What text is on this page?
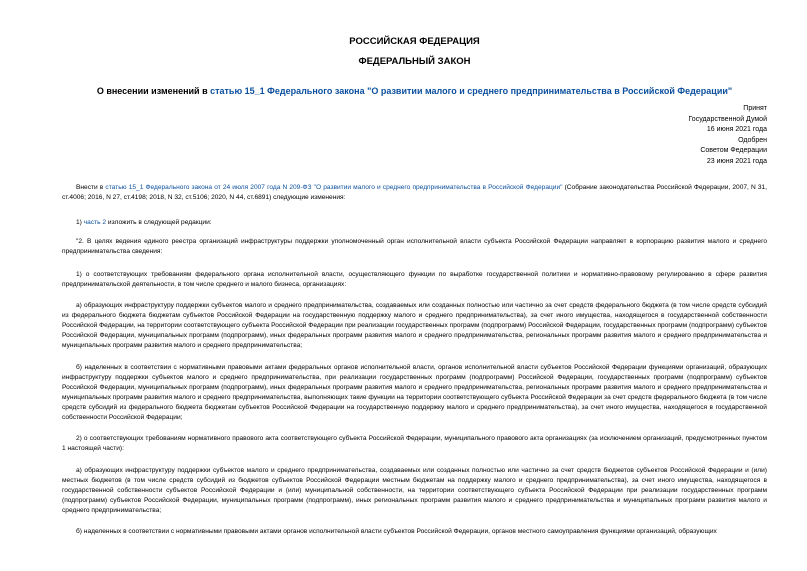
РОССИЙСКАЯ ФЕДЕРАЦИЯ
ФЕДЕРАЛЬНЫЙ ЗАКОН
О внесении изменений в статью 15_1 Федерального закона "О развитии малого и среднего предпринимательства в Российской Федерации"
Принят
Государственной Думой
16 июня 2021 года
Одобрен
Советом Федерации
23 июня 2021 года

Внести в статью 15_1 Федерального закона от 24 июля 2007 года N 209-ФЗ "О развитии малого и среднего предпринимательства в Российской Федерации" (Собрание законодательства Российской Федерации, 2007, N 31, ст.4006; 2016, N 27, ст.4198; 2018, N 32, ст.5106; 2020, N 44, ст.6891) следующие изменения:

1) часть 2 изложить в следующей редакции:

"2. В целях ведения единого реестра организаций инфраструктуры поддержки уполномоченный орган исполнительной власти субъекта Российской Федерации направляет в корпорацию развития малого и среднего предпринимательства сведения:

1) о соответствующих требованиям федерального органа исполнительной власти, осуществляющего функции по выработке государственной политики и нормативно-правовому регулированию в сфере развития предпринимательской деятельности, в том числе среднего и малого бизнеса, организациях:

а) образующих инфраструктуру поддержки субъектов малого и среднего предпринимательства, создаваемых или созданных полностью или частично за счет средств федерального бюджета (в том числе средств субсидий из федерального бюджета бюджетам субъектов Российской Федерации на государственную поддержку малого и среднего предпринимательства), за счет иного имущества, находящегося в государственной собственности Российской Федерации, на территории соответствующего субъекта Российской Федерации при реализации государственных программ (подпрограмм) Российской Федерации, государственных программ (подпрограмм) субъектов Российской Федерации, муниципальных программ (подпрограмм), иных федеральных программ развития малого и среднего предпринимательства, региональных программ развития малого и среднего предпринимательства и муниципальных программ развития малого и среднего предпринимательства;

б) наделенных в соответствии с нормативными правовыми актами федеральных органов исполнительной власти, органов исполнительной власти субъектов Российской Федерации функциями организаций, образующих инфраструктуру поддержки субъектов малого и среднего предпринимательства, при реализации государственных программ (подпрограмм) Российской Федерации, государственных программ (подпрограмм) субъектов Российской Федерации, муниципальных программ (подпрограмм), иных федеральных программ развития малого и среднего предпринимательства, региональных программ развития малого и среднего предпринимательства и муниципальных программ развития малого и среднего предпринимательства, выполняющих такие функции на территории соответствующего субъекта Российской Федерации за счет средств федерального бюджета (в том числе средств субсидий из федерального бюджета бюджетам субъектов Российской Федерации на государственную поддержку малого и среднего предпринимательства), за счет иного имущества, находящегося в государственной собственности Российской Федерации;

2) о соответствующих требованиям нормативного правового акта соответствующего субъекта Российской Федерации, муниципального правового акта организациях (за исключением организаций, предусмотренных пунктом 1 настоящей части):

а) образующих инфраструктуру поддержки субъектов малого и среднего предпринимательства, создаваемых или созданных полностью или частично за счет средств бюджетов субъектов Российской Федерации и (или) местных бюджетов (в том числе средств субсидий из бюджетов субъектов Российской Федерации местным бюджетам на поддержку малого и среднего предпринимательства), за счет иного имущества, находящегося в государственной собственности субъектов Российской Федерации и (или) муниципальной собственности, на территории соответствующего субъекта Российской Федерации при реализации государственных программ (подпрограмм) субъектов Российской Федерации, муниципальных программ (подпрограмм), иных региональных программ развития малого и среднего предпринимательства и муниципальных программ развития малого и среднего предпринимательства;

б) наделенных в соответствии с нормативными правовыми актами органов исполнительной власти субъектов Российской Федерации, органов местного самоуправления функциями организаций, образующих
